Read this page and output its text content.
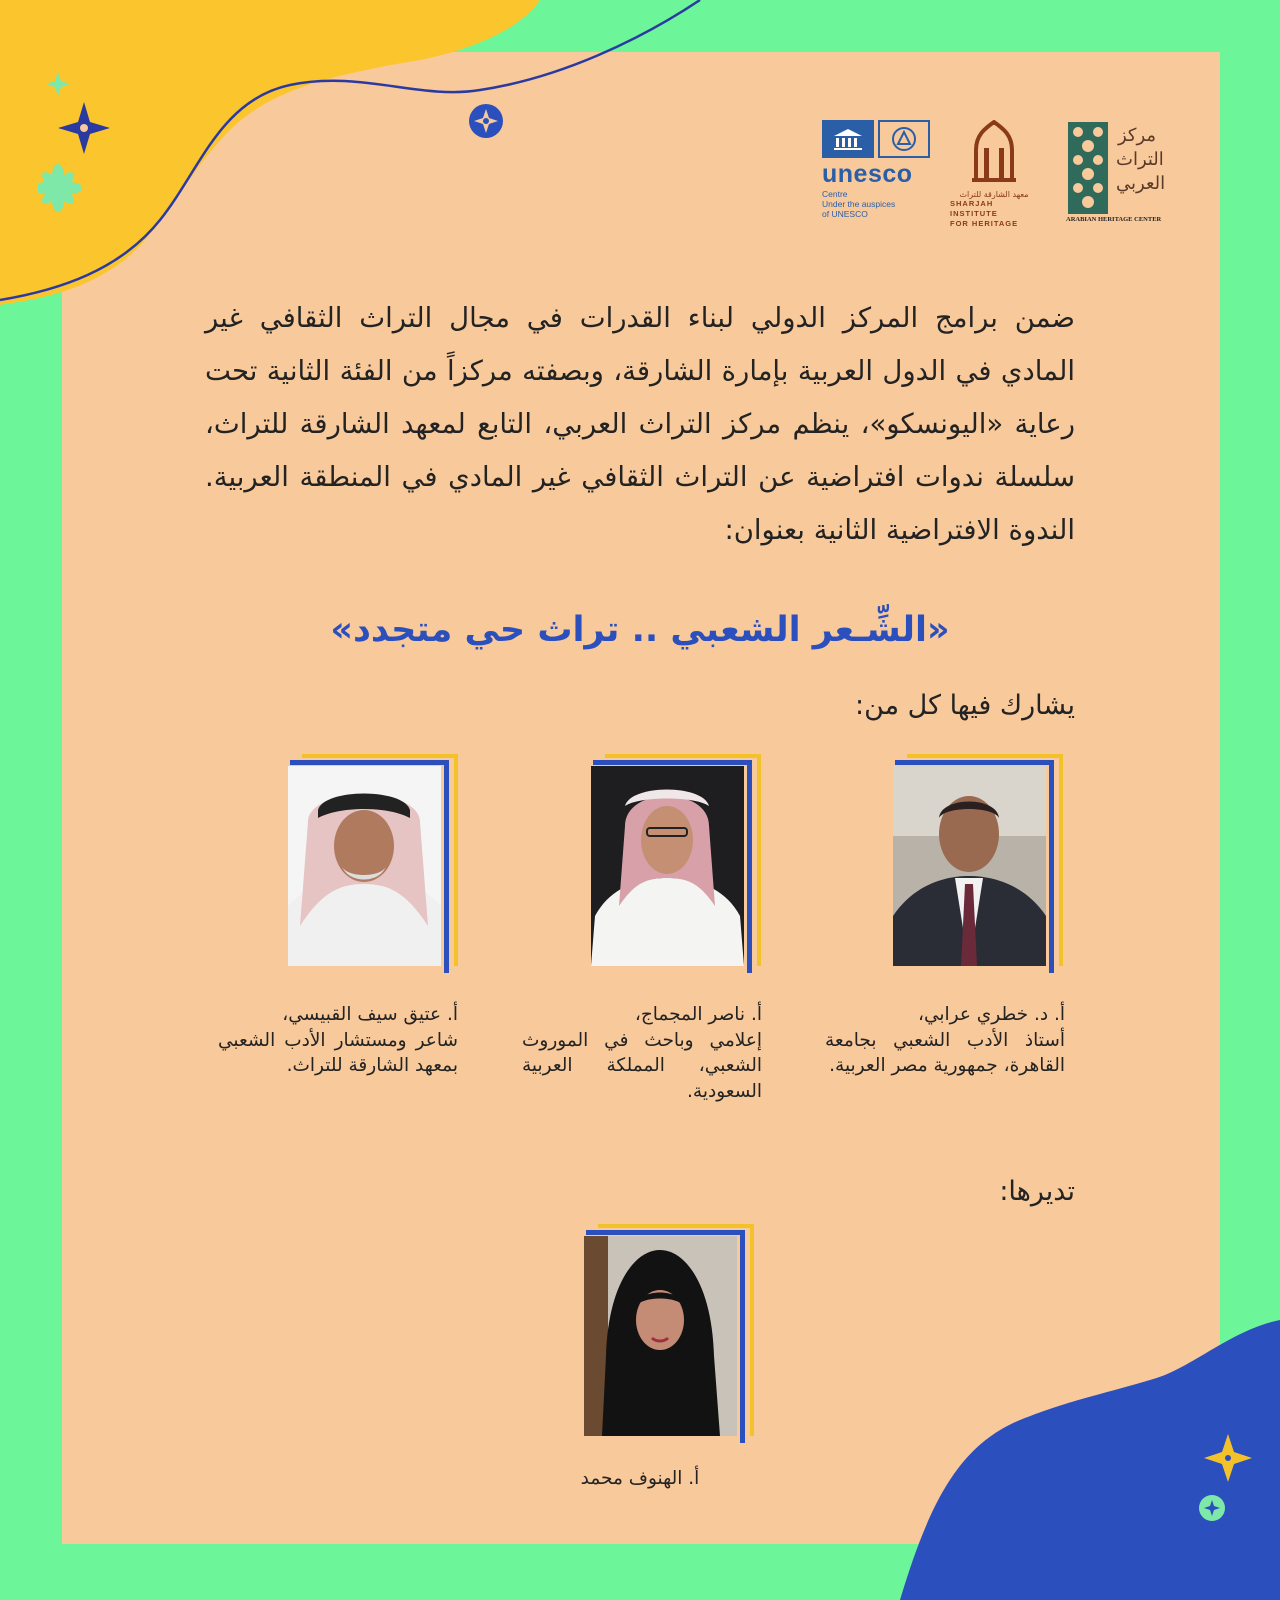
unesco
Centre
Under the auspices
of UNESCO
معهد الشارقة للتراث
SHARJAH INSTITUTE
FOR HERITAGE
مركز التراث العربي
ARABIAN HERITAGE CENTER
ضمن برامج المركز الدولي لبناء القدرات في مجال التراث الثقافي غير المادي في الدول العربية بإمارة الشارقة، وبصفته مركزاً من الفئة الثانية تحت رعاية «اليونسكو»، ينظم مركز التراث العربي، التابع لمعهد الشارقة للتراث، سلسلة ندوات افتراضية عن التراث الثقافي غير المادي في المنطقة العربية. الندوة الافتراضية الثانية بعنوان:
«الشِّـعر الشعبي .. تراث حي متجدد»
يشارك فيها كل من:
أ. د. خطري عرابي،
أستاذ الأدب الشعبي بجامعة القاهرة، جمهورية مصر العربية.
أ. ناصر المجماج،
إعلامي وباحث في الموروث الشعبي، المملكة العربية السعودية.
أ. عتيق سيف القبيسي،
شاعر ومستشار الأدب الشعبي بمعهد الشارقة للتراث.
تديرها:
أ. الهنوف محمد
